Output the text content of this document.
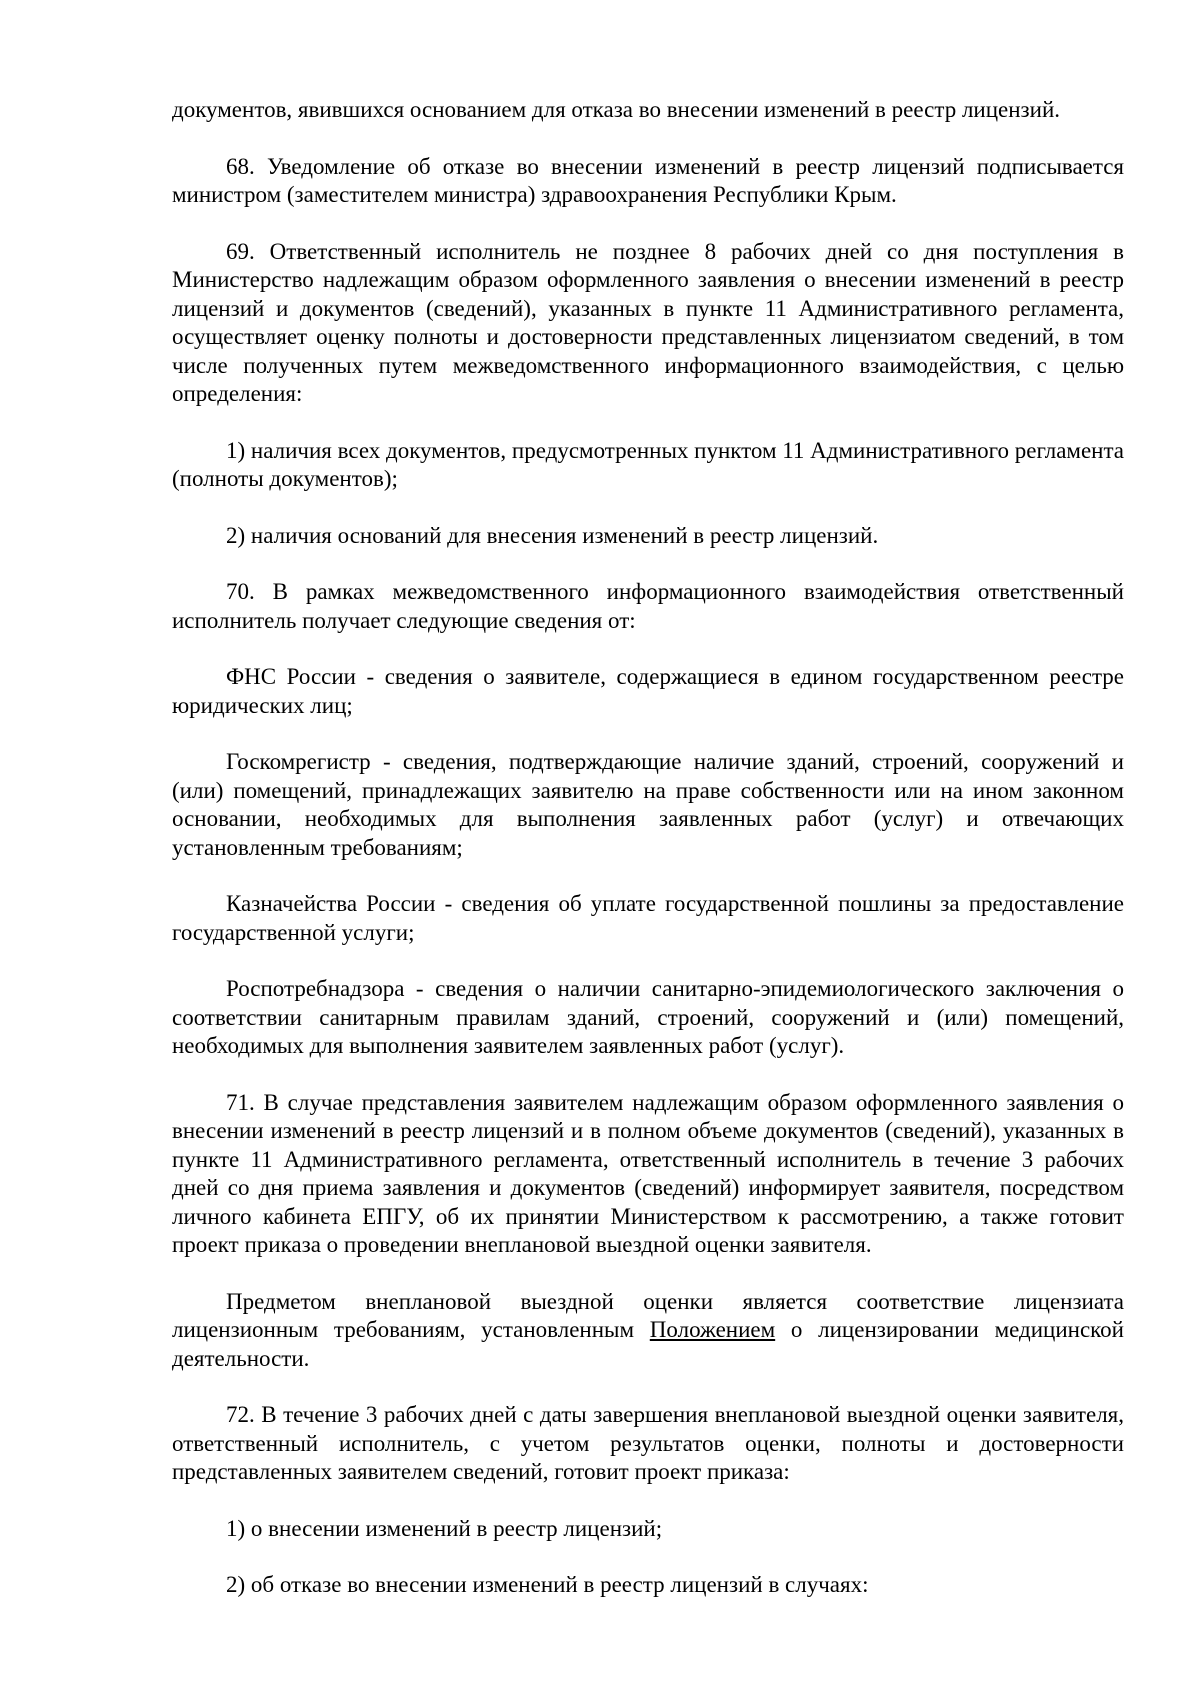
документов, явившихся основанием для отказа во внесении изменений в реестр лицензий.

68. Уведомление об отказе во внесении изменений в реестр лицензий подписывается министром (заместителем министра) здравоохранения Республики Крым.

69. Ответственный исполнитель не позднее 8 рабочих дней со дня поступления в Министерство надлежащим образом оформленного заявления о внесении изменений в реестр лицензий и документов (сведений), указанных в пункте 11 Административного регламента, осуществляет оценку полноты и достоверности представленных лицензиатом сведений, в том числе полученных путем межведомственного информационного взаимодействия, с целью определения:

1) наличия всех документов, предусмотренных пунктом 11 Административного регламента (полноты документов);

2) наличия оснований для внесения изменений в реестр лицензий.

70. В рамках межведомственного информационного взаимодействия ответственный исполнитель получает следующие сведения от:

ФНС России - сведения о заявителе, содержащиеся в едином государственном реестре юридических лиц;

Госкомрегистр - сведения, подтверждающие наличие зданий, строений, сооружений и (или) помещений, принадлежащих заявителю на праве собственности или на ином законном основании, необходимых для выполнения заявленных работ (услуг) и отвечающих установленным требованиям;

Казначейства России - сведения об уплате государственной пошлины за предоставление государственной услуги;

Роспотребнадзора - сведения о наличии санитарно-эпидемиологического заключения о соответствии санитарным правилам зданий, строений, сооружений и (или) помещений, необходимых для выполнения заявителем заявленных работ (услуг).

71. В случае представления заявителем надлежащим образом оформленного заявления о внесении изменений в реестр лицензий и в полном объеме документов (сведений), указанных в пункте 11 Административного регламента, ответственный исполнитель в течение 3 рабочих дней со дня приема заявления и документов (сведений) информирует заявителя, посредством личного кабинета ЕПГУ, об их принятии Министерством к рассмотрению, а также готовит проект приказа о проведении внеплановой выездной оценки заявителя.

Предметом внеплановой выездной оценки является соответствие лицензиата лицензионным требованиям, установленным Положением о лицензировании медицинской деятельности.

72. В течение 3 рабочих дней с даты завершения внеплановой выездной оценки заявителя, ответственный исполнитель, с учетом результатов оценки, полноты и достоверности представленных заявителем сведений, готовит проект приказа:

1) о внесении изменений в реестр лицензий;

2) об отказе во внесении изменений в реестр лицензий в случаях:
